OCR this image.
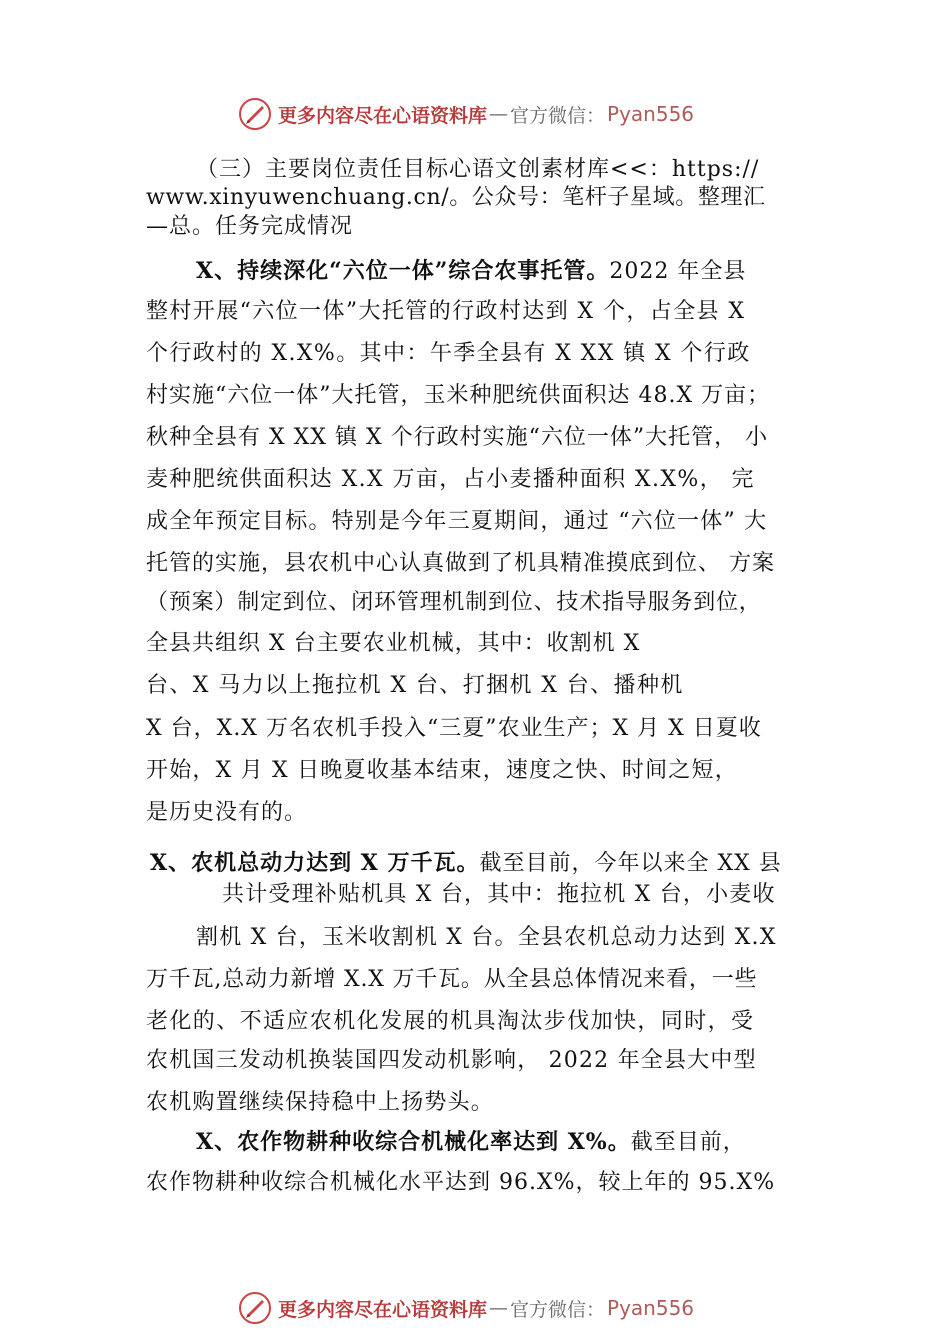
更多内容尽在心语资料库 — 官方微信： Pyan556
（三）主要岗位责任目标心语文创素材库<<：https://
www.xinyuwenchuang.cn/。公众号：笔杆子星域。整理汇
—总。任务完成情况
X、持续深化“六位一体”综合农事托管。2022 年全县
整村开展“六位一体”大托管的行政村达到 X 个，占全县 X
个行政村的 X.X%。其中：午季全县有 X XX 镇 X 个行政
村实施“六位一体”大托管，玉米种肥统供面积达 48.X 万亩；
秋种全县有 X XX 镇 X 个行政村实施“六位一体”大托管， 小
麦种肥统供面积达 X.X 万亩，占小麦播种面积 X.X%， 完
成全年预定目标。特别是今年三夏期间，通过 “六位一体” 大
托管的实施，县农机中心认真做到了机具精准摸底到位、 方案
（预案）制定到位、闭环管理机制到位、技术指导服务到位，
全县共组织 X 台主要农业机械，其中：收割机 X
台、X 马力以上拖拉机 X 台、打捆机 X 台、播种机
X 台，X.X 万名农机手投入“三夏”农业生产；X 月 X 日夏收
开始，X 月 X 日晚夏收基本结束，速度之快、时间之短，
是历史没有的。
X、农机总动力达到 X 万千瓦。截至目前，今年以来全 XX 县
共计受理补贴机具 X 台，其中：拖拉机 X 台，小麦收
割机 X 台，玉米收割机 X 台。全县农机总动力达到 X.X
万千瓦,总动力新增 X.X 万千瓦。从全县总体情况来看，一些
老化的、不适应农机化发展的机具淘汰步伐加快，同时，受
农机国三发动机换装国四发动机影响， 2022 年全县大中型
农机购置继续保持稳中上扬势头。
X、农作物耕种收综合机械化率达到 X%。截至目前，
农作物耕种收综合机械化水平达到 96.X%，较上年的 95.X%
更多内容尽在心语资料库 — 官方微信： Pyan556
